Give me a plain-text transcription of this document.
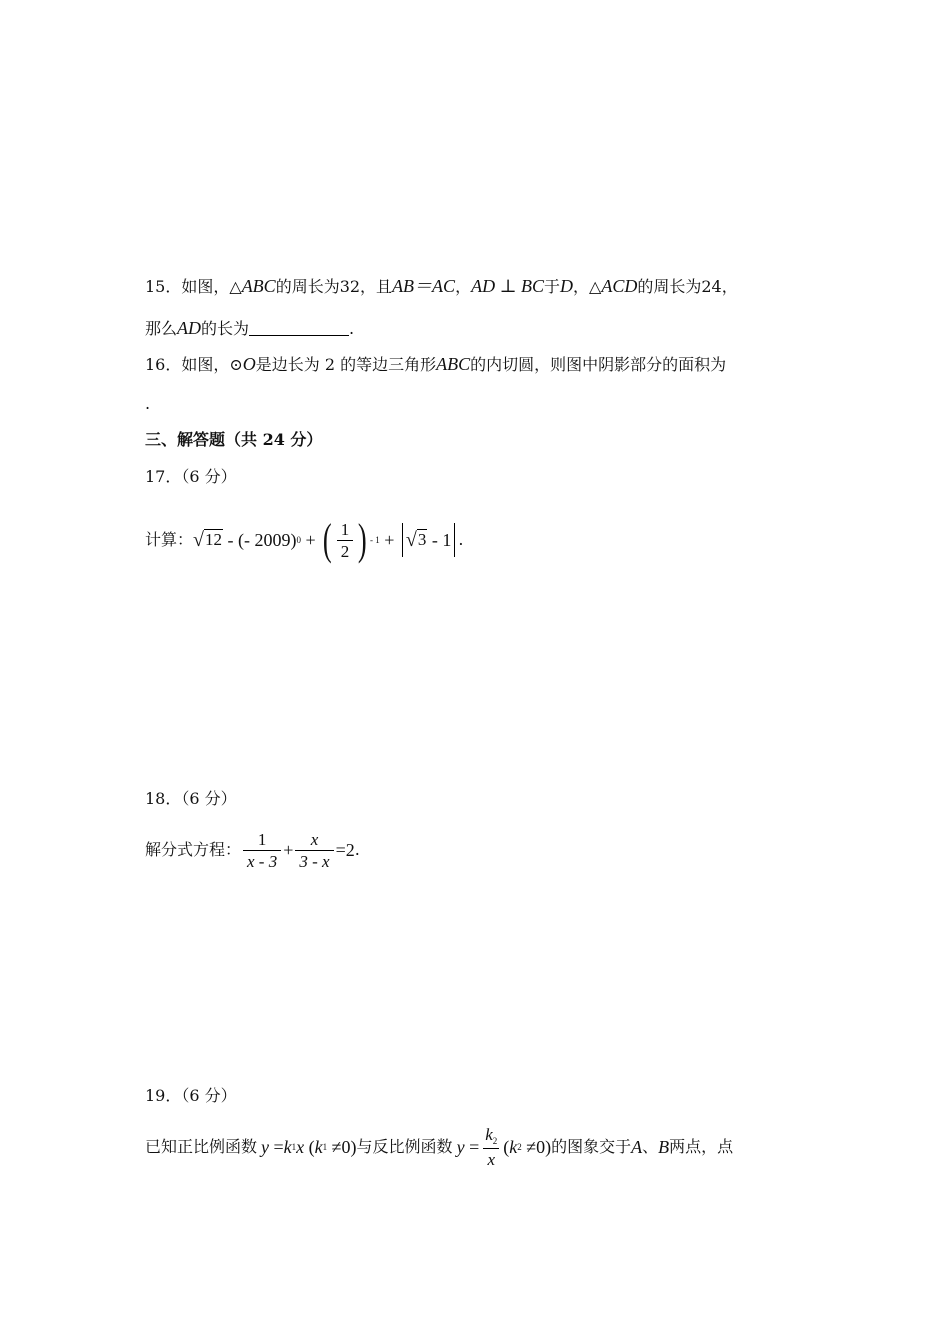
15．如图，△ABC的周长为32，且AB＝AC，AD ⊥ BC于D，△ACD的周长为24，
那么AD的长为	.
16．如图，⊙O是边长为 2 的等边三角形ABC的内切圆，则图中阴影部分的面积为
.
三、解答题（共 24 分）
17．（6 分）
计算： √ 12 - (- 2009) 0 + ( $\frac{1}{2}$ ) - 1 + √ 3 - 1 .
18．（6 分）
解分式方程： $\frac{1}{x - 3} + \frac{x}{3 - x} =2$ .
19．（6 分）
已知正比例函数 y = k 1 x ( k 1 ≠0) 与反比例函数 $y = \frac{k_2}{x}$ ( k 2 ≠0) 的图象交于 A 、 B 两点，点
